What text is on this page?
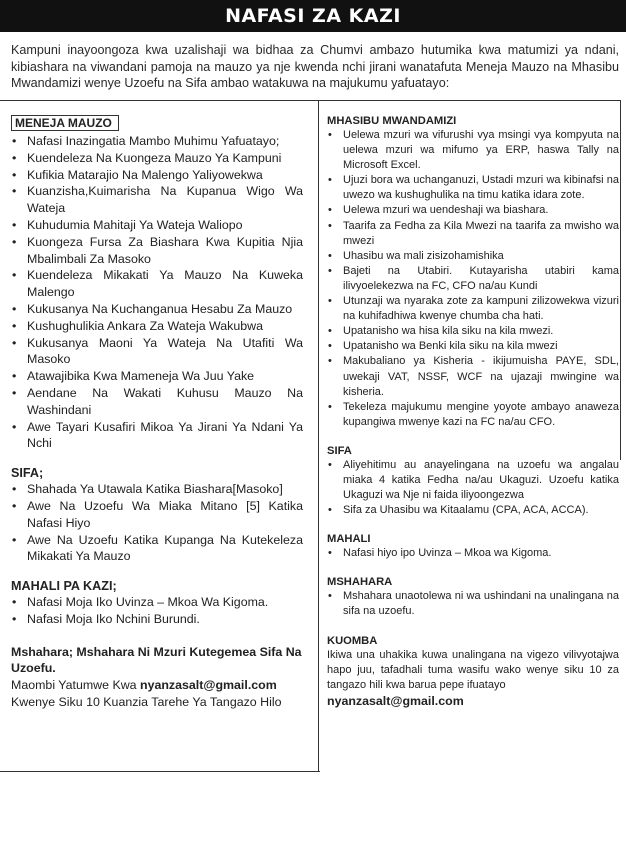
NAFASI ZA KAZI
Kampuni inayoongoza kwa uzalishaji wa bidhaa za Chumvi ambazo hutumika kwa matumizi ya ndani, kibiashara na viwandani pamoja na mauzo ya nje kwenda nchi jirani wanatafuta Meneja Mauzo na Mhasibu Mwandamizi wenye Uzoefu na Sifa ambao watakuwa na majukumu yafuatayo:
MENEJA MAUZO
• Nafasi Inazingatia Mambo Muhimu Yafuatayo;
• Kuendeleza Na Kuongeza Mauzo Ya Kampuni
• Kufikia Matarajio Na Malengo Yaliyowekwa
• Kuanzisha,Kuimarisha Na Kupanua Wigo Wa Wateja
• Kuhudumia Mahitaji Ya Wateja Waliopo
• Kuongeza Fursa Za Biashara Kwa Kupitia Njia Mbalimbali Za Masoko
• Kuendeleza Mikakati Ya Mauzo Na Kuweka Malengo
• Kukusanya Na Kuchanganua Hesabu Za Mauzo
• Kushughulikia Ankara Za Wateja Wakubwa
• Kukusanya Maoni Ya Wateja Na Utafiti Wa Masoko
• Atawajibika Kwa Mameneja Wa Juu Yake
• Aendane Na Wakati Kuhusu Mauzo Na Washindani
• Awe Tayari Kusafiri Mikoa Ya Jirani Ya Ndani Ya Nchi
SIFA;
• Shahada Ya Utawala Katika Biashara[Masoko]
• Awe Na Uzoefu Wa Miaka Mitano [5] Katika Nafasi Hiyo
• Awe Na Uzoefu Katika Kupanga Na Kutekeleza Mikakati Ya Mauzo
MAHALI PA KAZI;
• Nafasi Moja Iko Uvinza – Mkoa Wa Kigoma.
• Nafasi Moja Iko Nchini Burundi.
Mshahara; Mshahara Ni Mzuri Kutegemea Sifa Na Uzoefu.
Maombi Yatumwe Kwa nyanzasalt@gmail.com
Kwenye Siku 10 Kuanzia Tarehe Ya Tangazo Hilo
MHASIBU MWANDAMIZI
• Uelewa mzuri wa vifurushi vya msingi vya kompyuta na uelewa mzuri wa mifumo ya ERP, haswa Tally na Microsoft Excel.
• Ujuzi bora wa uchanganuzi, Ustadi mzuri wa kibinafsi na uwezo wa kushughulika na timu katika idara zote.
• Uelewa mzuri wa uendeshaji wa biashara.
• Taarifa za Fedha za Kila Mwezi na taarifa za mwisho wa mwezi
• Uhasibu wa mali zisizohamishika
• Bajeti na Utabiri. Kutayarisha utabiri kama ilivyoelekezwa na FC, CFO na/au Kundi
• Utunzaji wa nyaraka zote za kampuni zilizowekwa vizuri na kuhifadhiwa kwenye chumba cha hati.
• Upatanisho wa hisa kila siku na kila mwezi.
• Upatanisho wa Benki kila siku na kila mwezi
• Makubaliano ya Kisheria - ikijumuisha PAYE, SDL, uwekaji VAT, NSSF, WCF na ujazaji mwingine wa kisheria.
• Tekeleza majukumu mengine yoyote ambayo anaweza kupangiwa mwenye kazi na FC na/au CFO.
SIFA
• Aliyehitimu au anayelingana na uzoefu wa angalau miaka 4 katika Fedha na/au Ukaguzi. Uzoefu katika Ukaguzi wa Nje ni faida iliyoongezwa
• Sifa za Uhasibu wa Kitaalamu (CPA, ACA, ACCA).
MAHALI
• Nafasi hiyo ipo Uvinza – Mkoa wa Kigoma.
MSHAHARA
• Mshahara unaotolewa ni wa ushindani na unalingana na sifa na uzoefu.
KUOMBA
Ikiwa una uhakika kuwa unalingana na vigezo vilivyotajwa hapo juu, tafadhali tuma wasifu wako wenye siku 10 za tangazo hili kwa barua pepe ifuatayo
nyanzasalt@gmail.com
